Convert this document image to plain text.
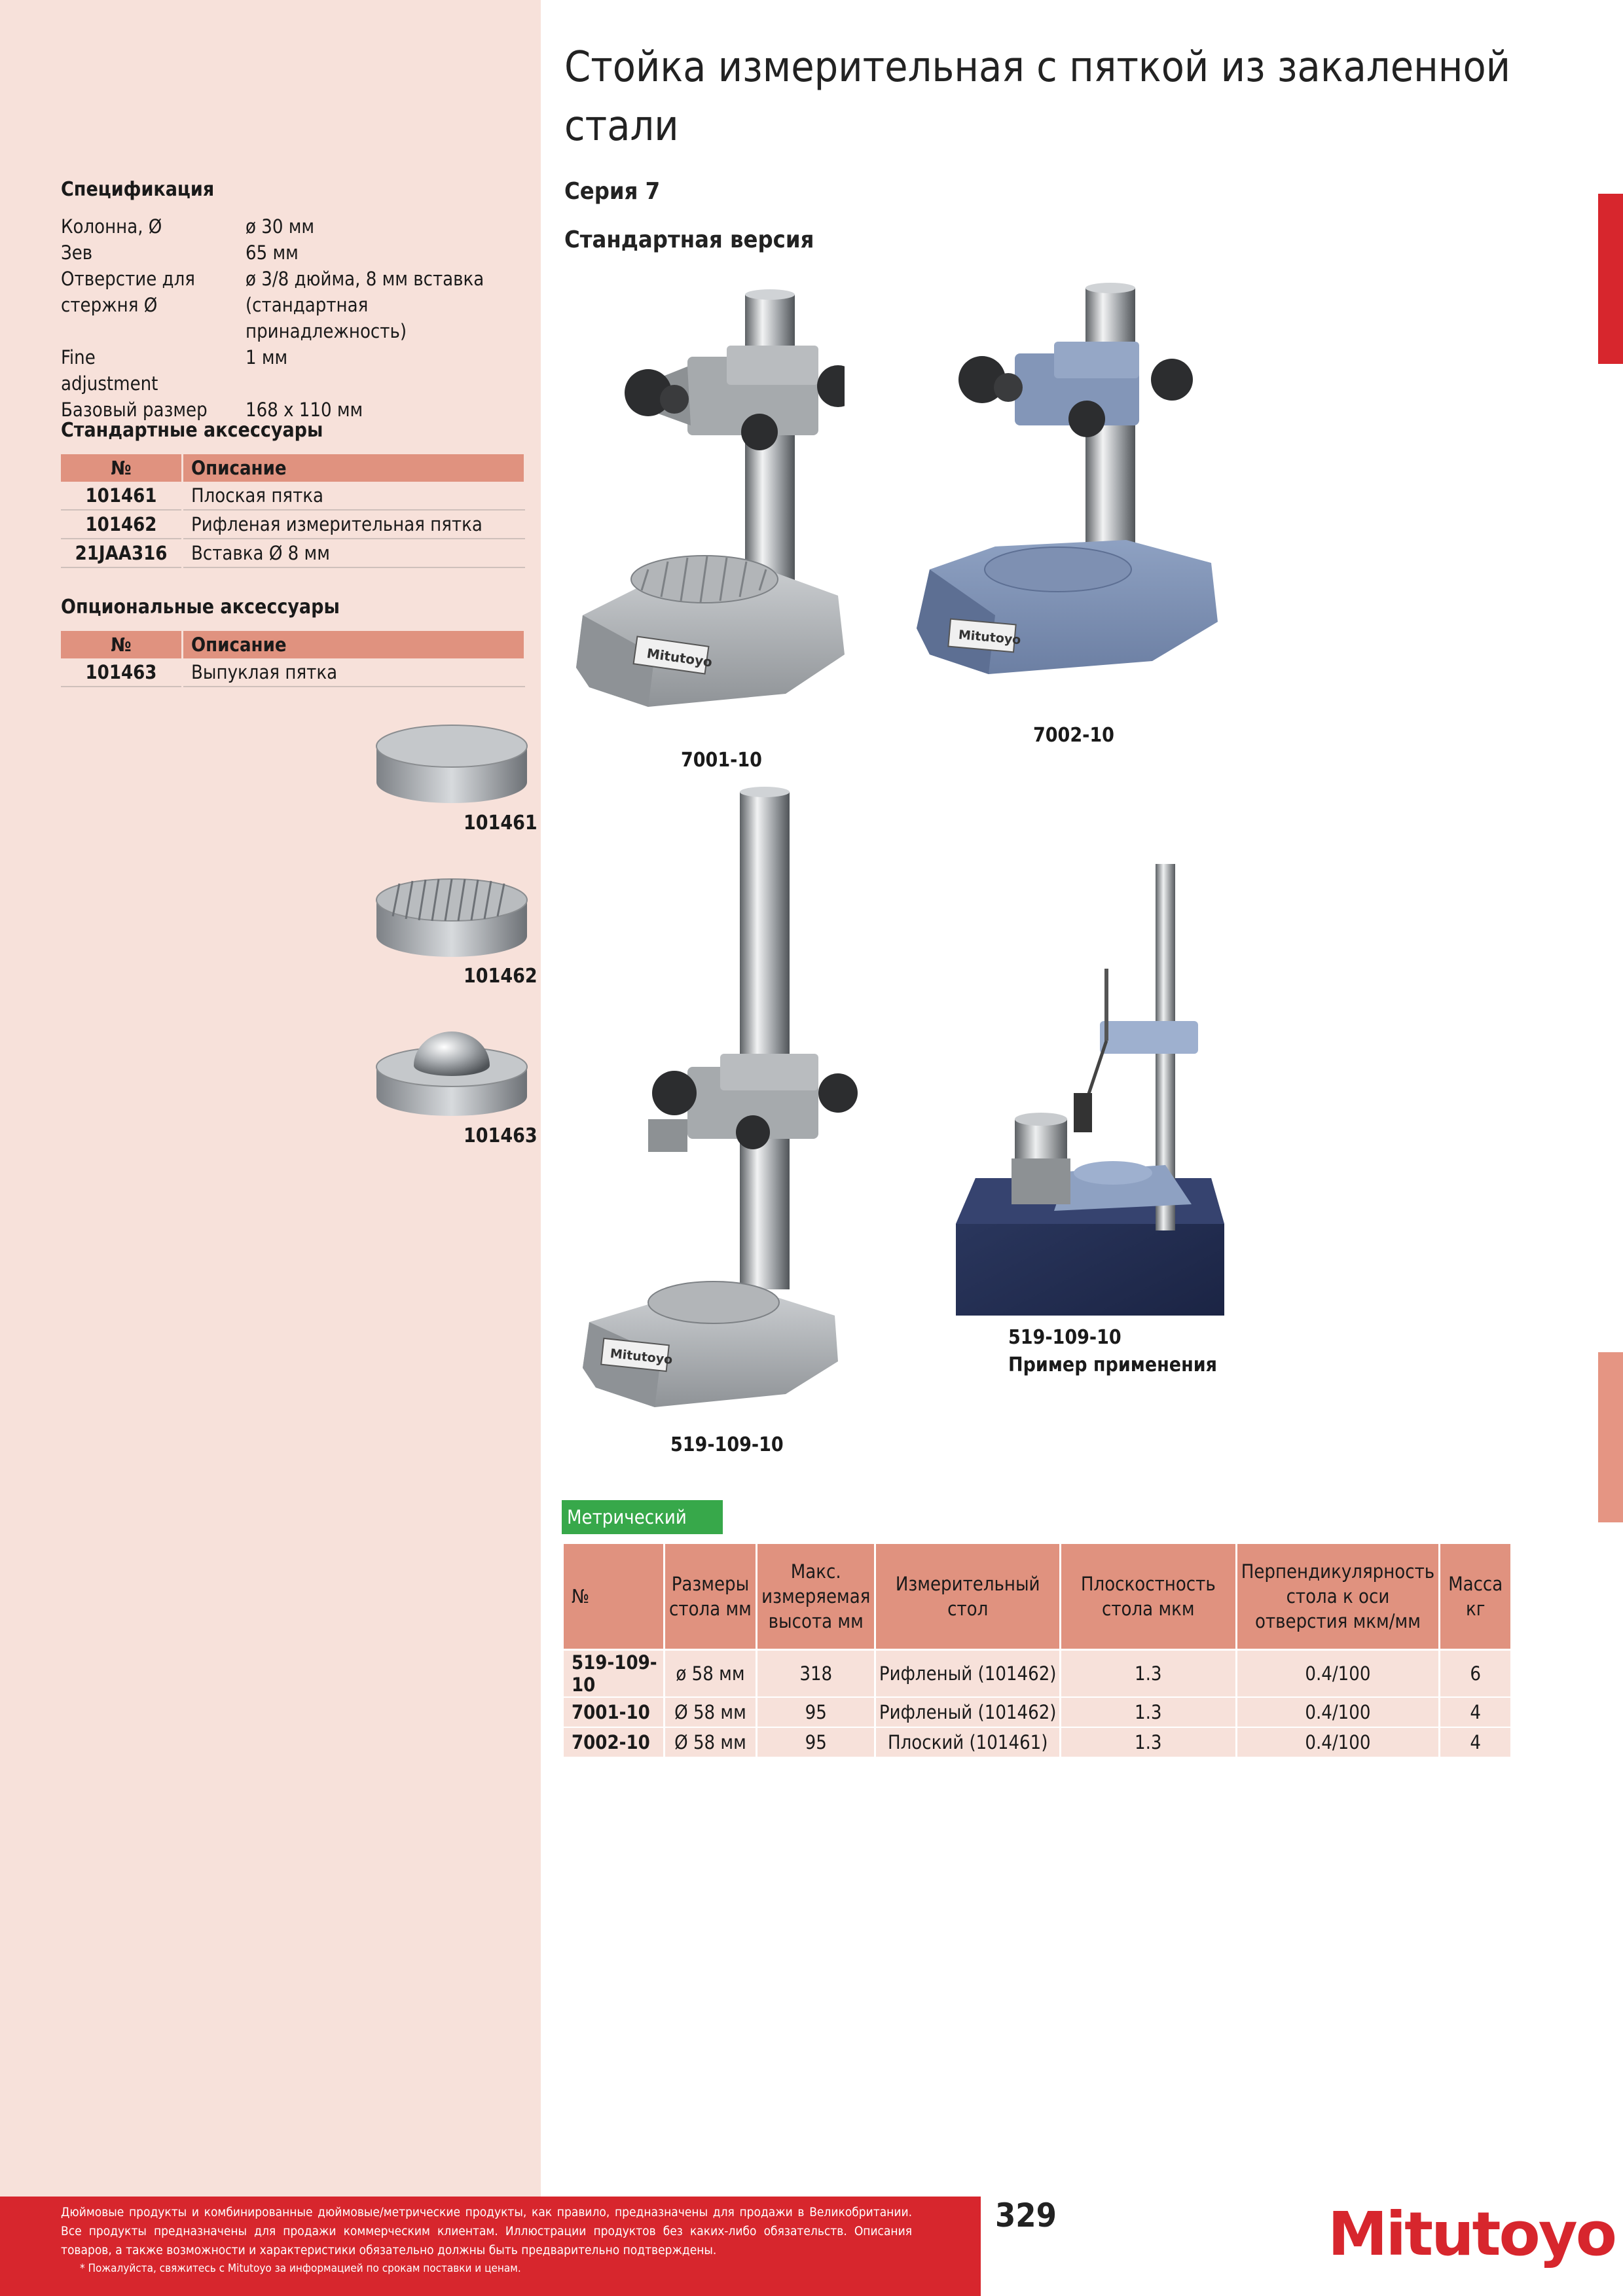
Стойка измерительная с пяткой из закаленной стали
Серия 7
Стандартная версия
Спецификация
Колонна, Ø	ø 30 мм
Зев	65 мм
Отверстие для	ø 3/8 дюйма, 8 мм вставка
стержня Ø	(стандартная принадлежность)
Fine	1 мм
adjustment
Базовый размер	168 x 110 мм
Стандартные аксессуары
№	Описание
101461	Плоская пятка
101462	Рифленая измерительная пятка
21JAA316	Вставка Ø 8 мм
Опциональные аксессуары
№	Описание
101463	Выпуклая пятка
101461
101462
101463
Mitutoyo
7001-10
Mitutoyo
7002-10
Mitutoyo
519-109-10
519-109-10
Пример применения
Метрический
№	Размеры стола мм	Макс. измеряемая высота мм	Измерительный стол	Плоскостность стола мкм	Перпендикулярность стола к оси отверстия мкм/мм	Масса кг
519-109-10	ø 58 мм	318	Рифленый (101462)	1.3	0.4/100	6
7001-10	Ø 58 мм	95	Рифленый (101462)	1.3	0.4/100	4
7002-10	Ø 58 мм	95	Плоский (101461)	1.3	0.4/100	4
Дюймовые продукты и комбинированные дюймовые/метрические продукты, как правило, предназначены для продажи в Великобритании. Все продукты предназначены для продажи коммерческим клиентам. Иллюстрации продуктов без каких-либо обязательств. Описания товаров, а также возможности и характеристики обязательно должны быть предварительно подтверждены.
* Пожалуйста, свяжитесь с Mitutoyo за информацией по срокам поставки и ценам.
329	Mitutoyo
